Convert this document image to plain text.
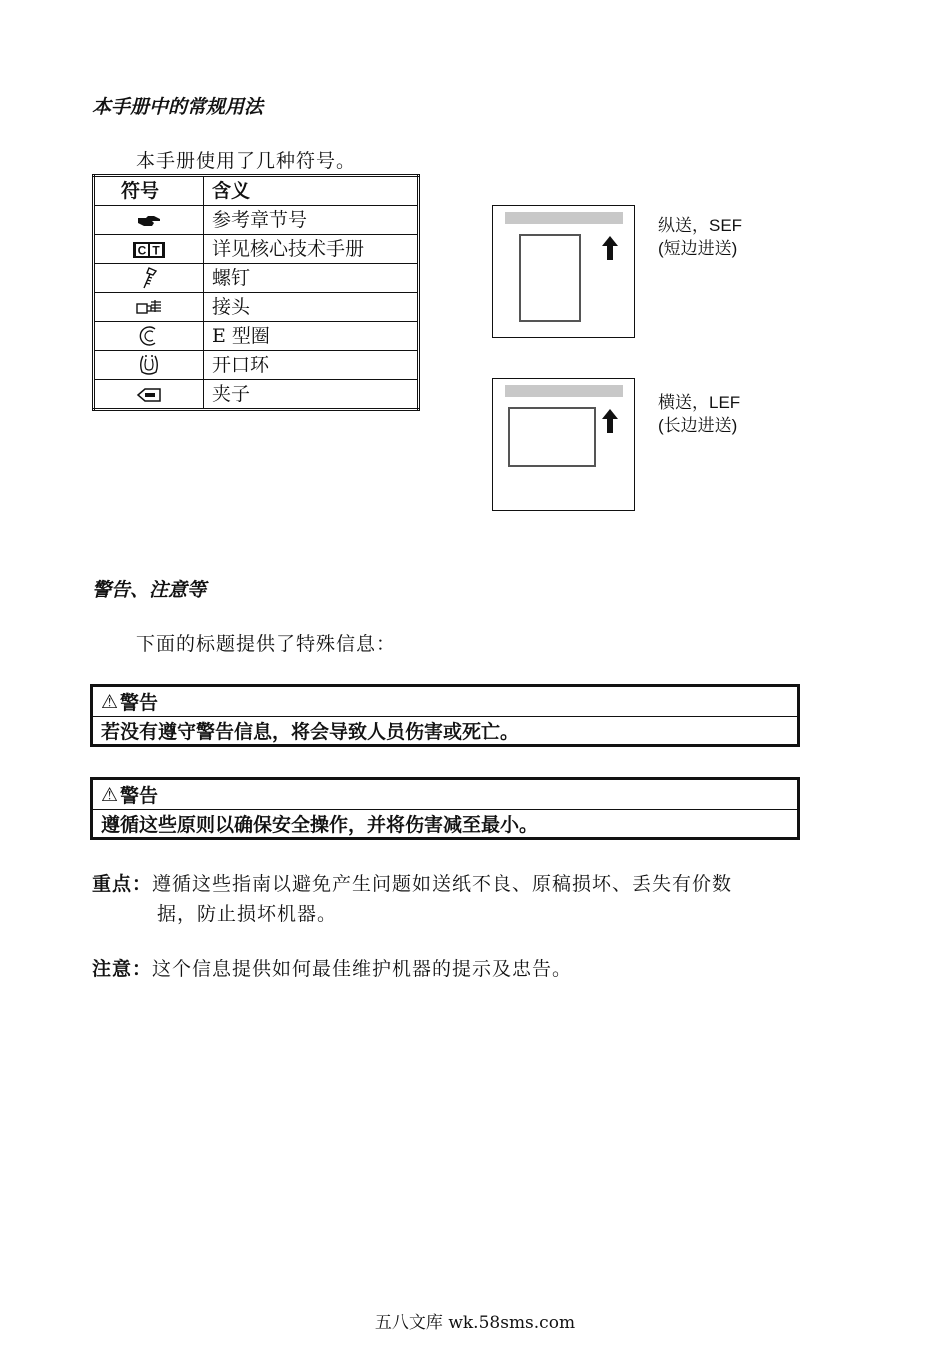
本手册中的常规用法
本手册使用了几种符号。
符号	含义
	参考章节号

C T	详见核心技术手册
	螺钉
	接头
	E 型圈
	开口环
	夹子
纵送，SEF
(短边进送)
横送，LEF
(长边进送)
警告、注意等
下面的标题提供了特殊信息：
⚠ 警告
若没有遵守警告信息，将会导致人员伤害或死亡。
⚠ 警告
遵循这些原则以确保安全操作，并将伤害减至最小。
重点：遵循这些指南以避免产生问题如送纸不良、原稿损坏、丢失有价数
据，防止损坏机器。
注意：这个信息提供如何最佳维护机器的提示及忠告。
五八文库 wk.58sms.com
